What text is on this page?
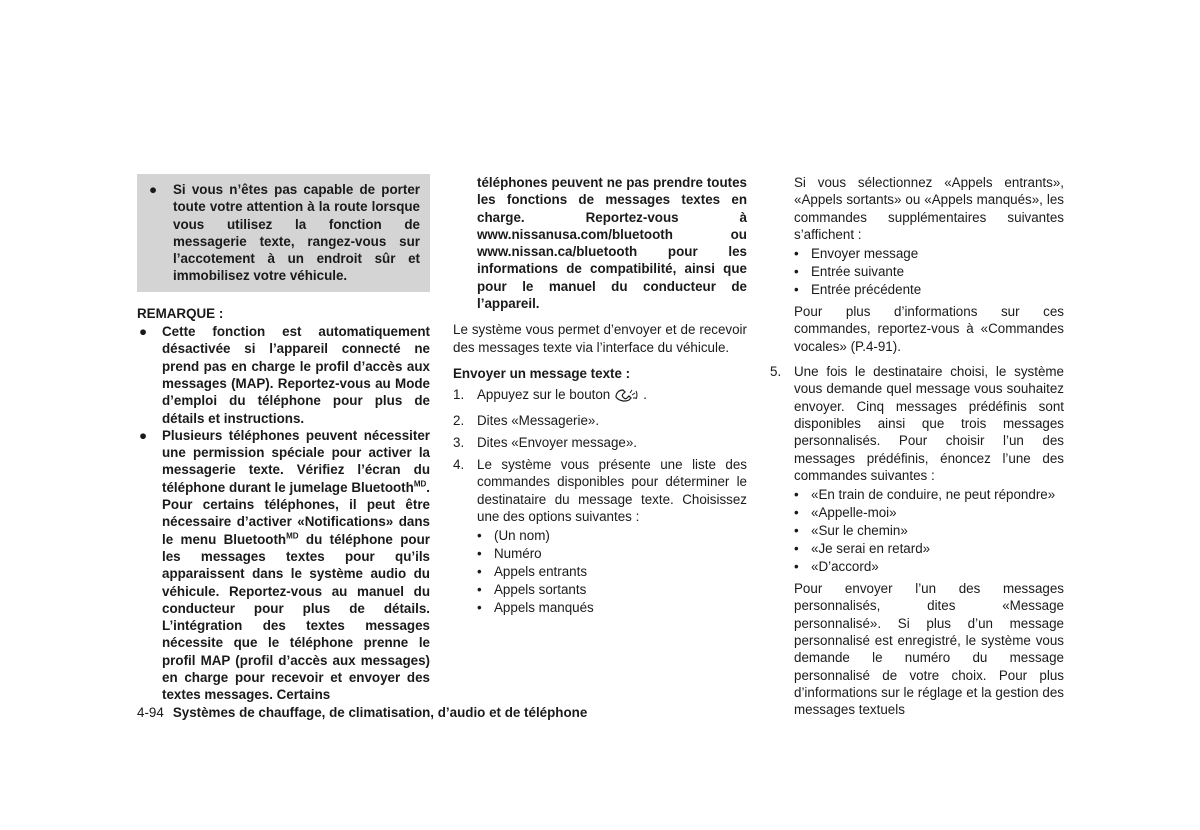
●	Si vous n’êtes pas capable de porter toute votre attention à la route lorsque vous utilisez la fonction de messagerie texte, rangez-vous sur l’accotement à un endroit sûr et immobilisez votre véhicule.
REMARQUE :
●	Cette fonction est automatiquement désactivée si l’appareil connecté ne prend pas en charge le profil d’accès aux messages (MAP). Reportez-vous au Mode d’emploi du téléphone pour plus de détails et instructions.
●	Plusieurs téléphones peuvent nécessiter une permission spéciale pour activer la messagerie texte. Vérifiez l’écran du téléphone durant le jumelage Bluetooth$^{MD}$. Pour certains téléphones, il peut être nécessaire d’activer «Notifications» dans le menu Bluetooth$^{MD}$ du téléphone pour les messages textes pour qu’ils apparaissent dans le système audio du véhicule. Reportez-vous au manuel du conducteur pour plus de détails. L’intégration des textes messages nécessite que le téléphone prenne le profil MAP (profil d’accès aux messages) en charge pour recevoir et envoyer des textes messages. Certains

téléphones peuvent ne pas prendre toutes les fonctions de messages textes en charge. Reportez-vous à www.nissanusa.com/bluetooth ou www.nissan.ca/bluetooth pour les informations de compatibilité, ainsi que pour le manuel du conducteur de l’appareil.

Le système vous permet d’envoyer et de recevoir des messages texte via l’interface du véhicule.

Envoyer un message texte :

1. Appuyez sur le bouton .
2. Dites «Messagerie».
3. Dites «Envoyer message».
4. Le système vous présente une liste des commandes disponibles pour déterminer le destinataire du message texte. Choisissez une des options suivantes :
• (Un nom)
• Numéro
• Appels entrants
• Appels sortants
• Appels manqués

Si vous sélectionnez «Appels entrants», «Appels sortants» ou «Appels manqués», les commandes supplémentaires suivantes s’affichent :

• Envoyer message
• Entrée suivante
• Entrée précédente

Pour plus d’informations sur ces commandes, reportez-vous à «Commandes vocales» (P.4-91).

5. Une fois le destinataire choisi, le système vous demande quel message vous souhaitez envoyer. Cinq messages prédéfinis sont disponibles ainsi que trois messages personnalisés. Pour choisir l’un des messages prédéfinis, énoncez l’une des commandes suivantes :
• «En train de conduire, ne peut répondre»
• «Appelle-moi»
• «Sur le chemin»
• «Je serai en retard»
• «D’accord»

Pour envoyer l’un des messages personnalisés, dites «Message personnalisé». Si plus d’un message personnalisé est enregistré, le système vous demande le numéro du message personnalisé de votre choix. Pour plus d’informations sur le réglage et la gestion des messages textuels

4-94 Systèmes de chauffage, de climatisation, d’audio et de téléphone
